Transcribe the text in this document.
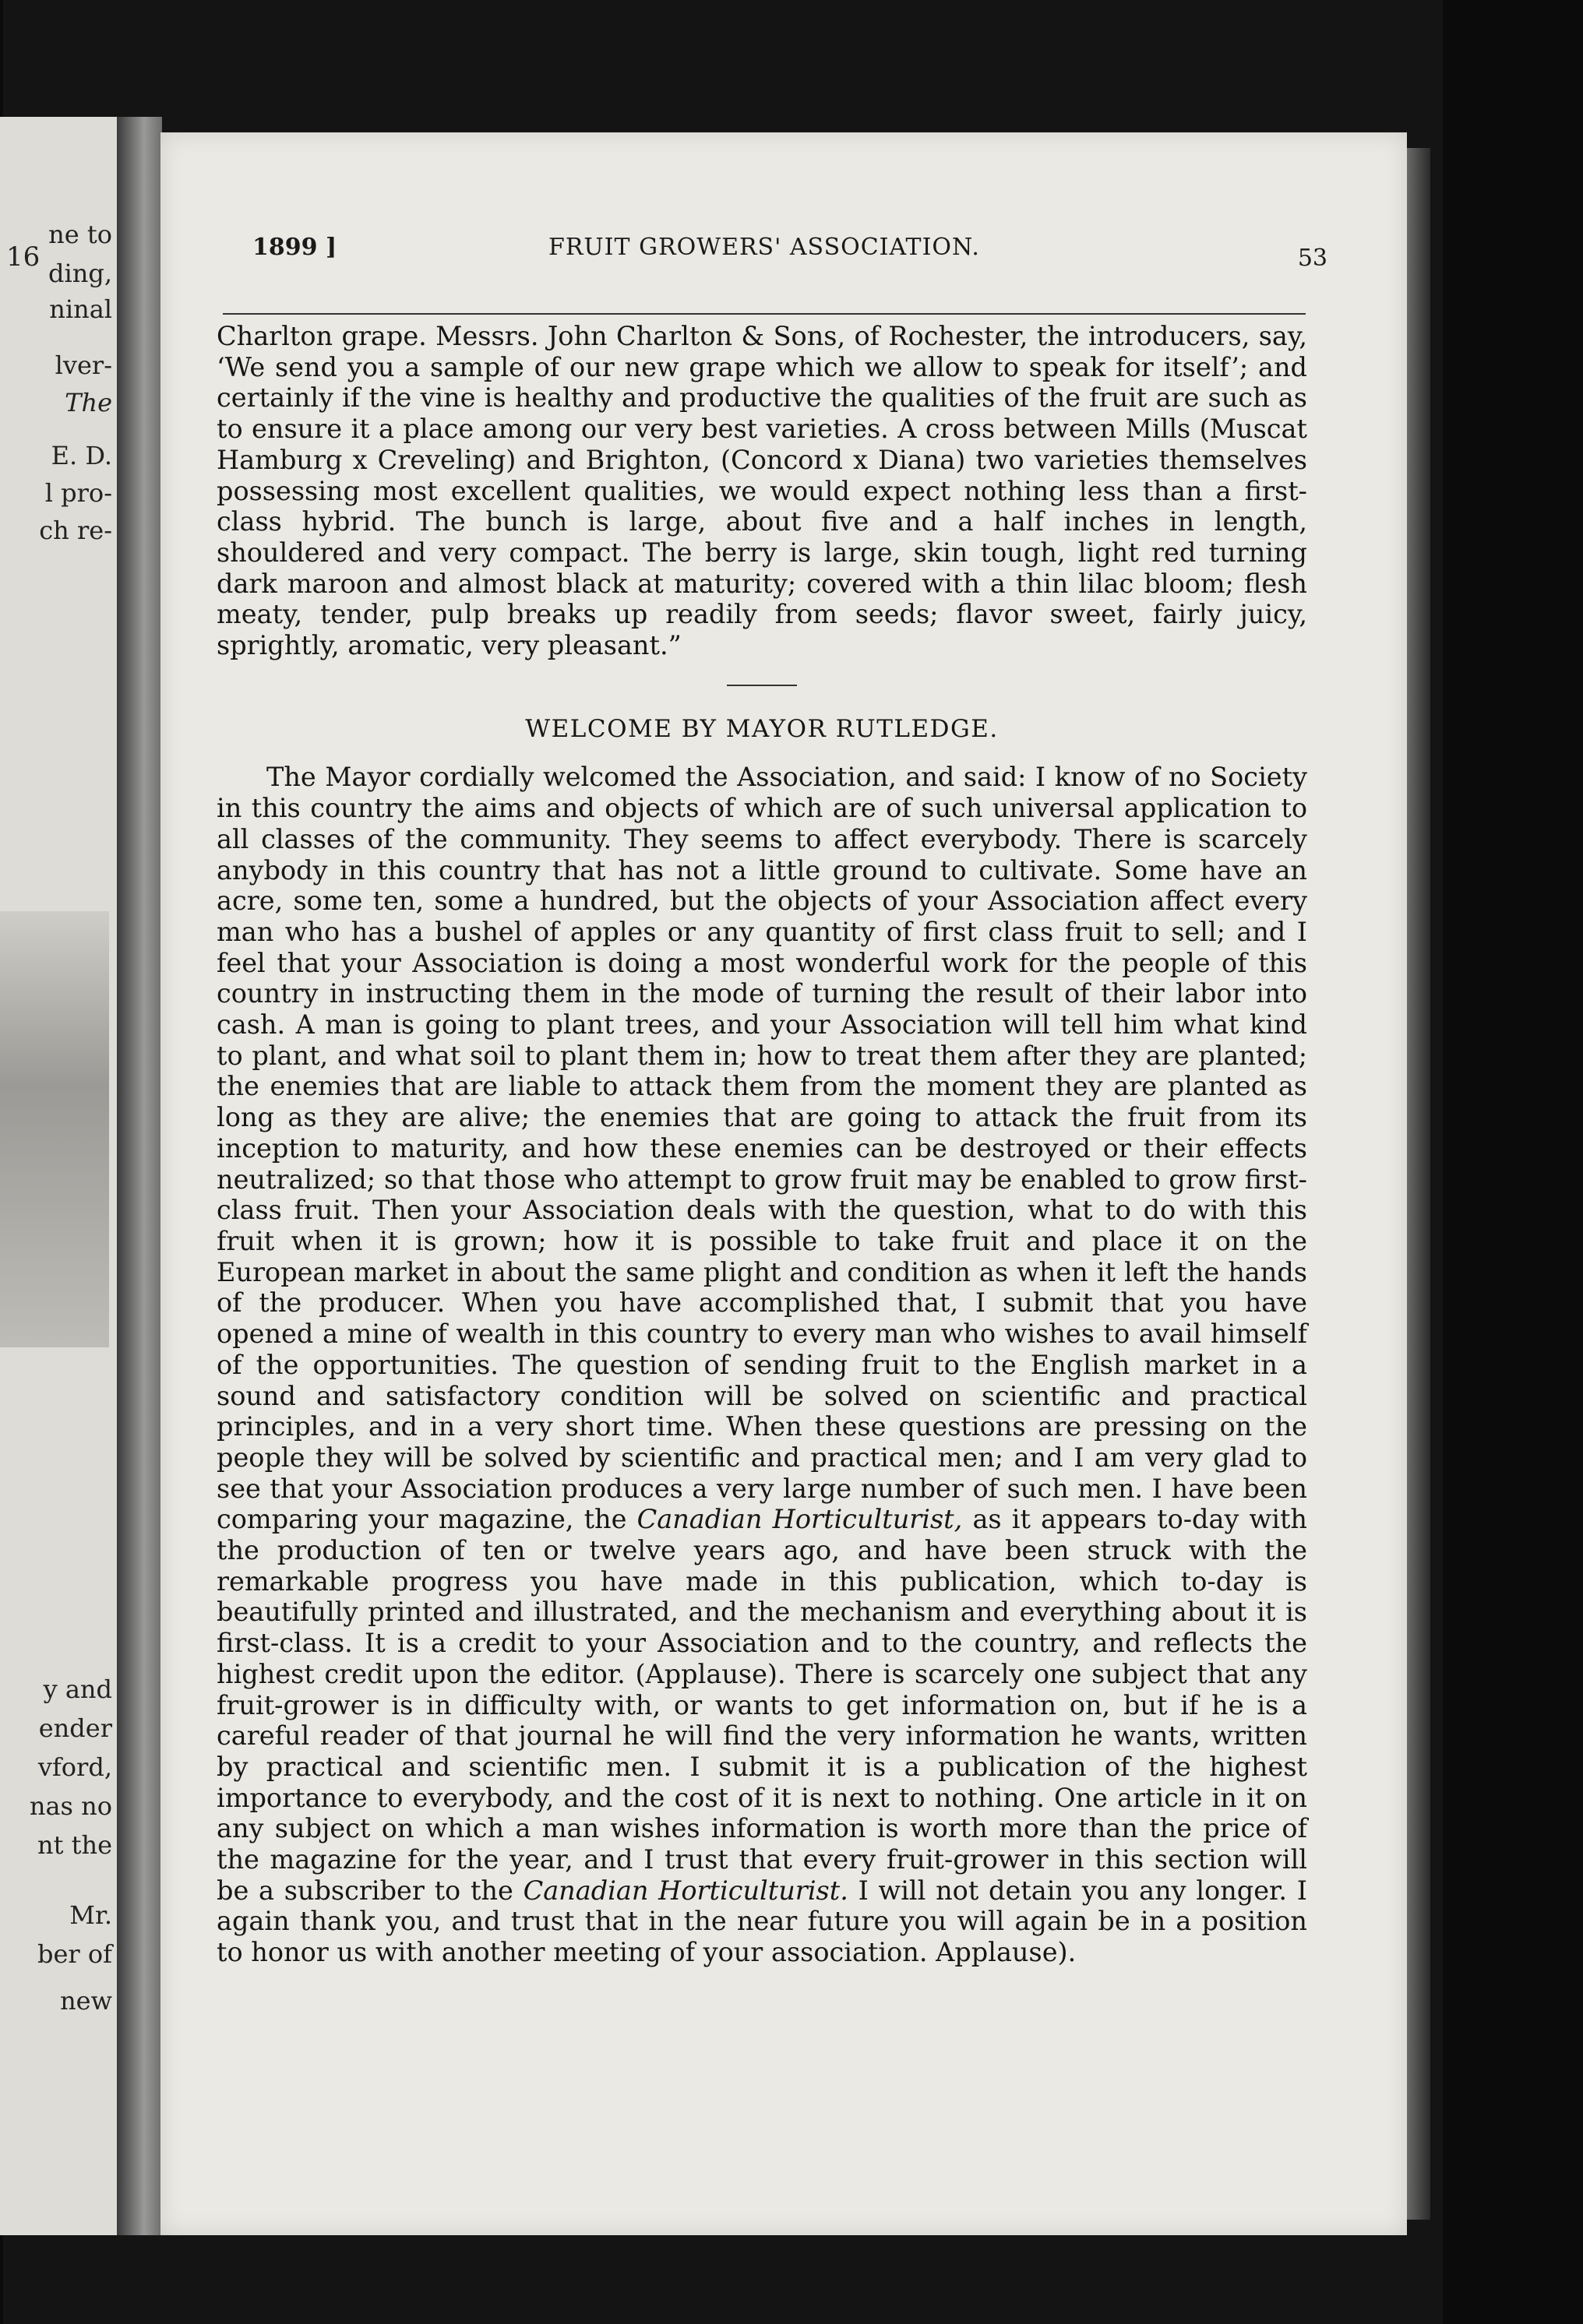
16
ne to
ding,
ninal
lver-
The
E. D.
l pro-
ch re-
y and
ender
vford,
nas no
nt the
Mr.
ber of
new
1899 ]	FRUIT GROWERS' ASSOCIATION.	53

Charlton grape. Messrs. John Charlton & Sons, of Rochester, the introducers, say, ‘We send you a sample of our new grape which we allow to speak for itself’; and certainly if the vine is healthy and productive the qualities of the fruit are such as to ensure it a place among our very best varieties. A cross between Mills (Muscat Hamburg x Creveling) and Brighton, (Concord x Diana) two varieties themselves possessing most excellent qualities, we would expect nothing less than a first-class hybrid. The bunch is large, about five and a half inches in length, shouldered and very compact. The berry is large, skin tough, light red turning dark maroon and almost black at maturity; covered with a thin lilac bloom; flesh meaty, tender, pulp breaks up readily from seeds; flavor sweet, fairly juicy, sprightly, aromatic, very pleasant.”

WELCOME BY MAYOR RUTLEDGE.

The Mayor cordially welcomed the Association, and said: I know of no Society in this country the aims and objects of which are of such universal application to all classes of the community. They seems to affect everybody. There is scarcely anybody in this country that has not a little ground to cultivate. Some have an acre, some ten, some a hundred, but the objects of your Association affect every man who has a bushel of apples or any quantity of first class fruit to sell; and I feel that your Association is doing a most wonderful work for the people of this country in instructing them in the mode of turning the result of their labor into cash. A man is going to plant trees, and your Association will tell him what kind to plant, and what soil to plant them in; how to treat them after they are planted; the enemies that are liable to attack them from the moment they are planted as long as they are alive; the enemies that are going to attack the fruit from its inception to maturity, and how these enemies can be destroyed or their effects neutralized; so that those who attempt to grow fruit may be enabled to grow first-class fruit. Then your Association deals with the question, what to do with this fruit when it is grown; how it is possible to take fruit and place it on the European market in about the same plight and condition as when it left the hands of the producer. When you have accomplished that, I submit that you have opened a mine of wealth in this country to every man who wishes to avail himself of the opportunities. The question of sending fruit to the English market in a sound and satisfactory condition will be solved on scientific and practical principles, and in a very short time. When these questions are pressing on the people they will be solved by scientific and practical men; and I am very glad to see that your Association produces a very large number of such men. I have been comparing your magazine, the Canadian Horticulturist, as it appears to-day with the production of ten or twelve years ago, and have been struck with the remarkable progress you have made in this publication, which to-day is beautifully printed and illustrated, and the mechanism and everything about it is first-class. It is a credit to your Association and to the country, and reflects the highest credit upon the editor. (Applause). There is scarcely one subject that any fruit-grower is in difficulty with, or wants to get information on, but if he is a careful reader of that journal he will find the very information he wants, written by practical and scientific men. I submit it is a publication of the highest importance to everybody, and the cost of it is next to nothing. One article in it on any subject on which a man wishes information is worth more than the price of the magazine for the year, and I trust that every fruit-grower in this section will be a subscriber to the Canadian Horticulturist. I will not detain you any longer. I again thank you, and trust that in the near future you will again be in a position to honor us with another meeting of your association. Applause).
